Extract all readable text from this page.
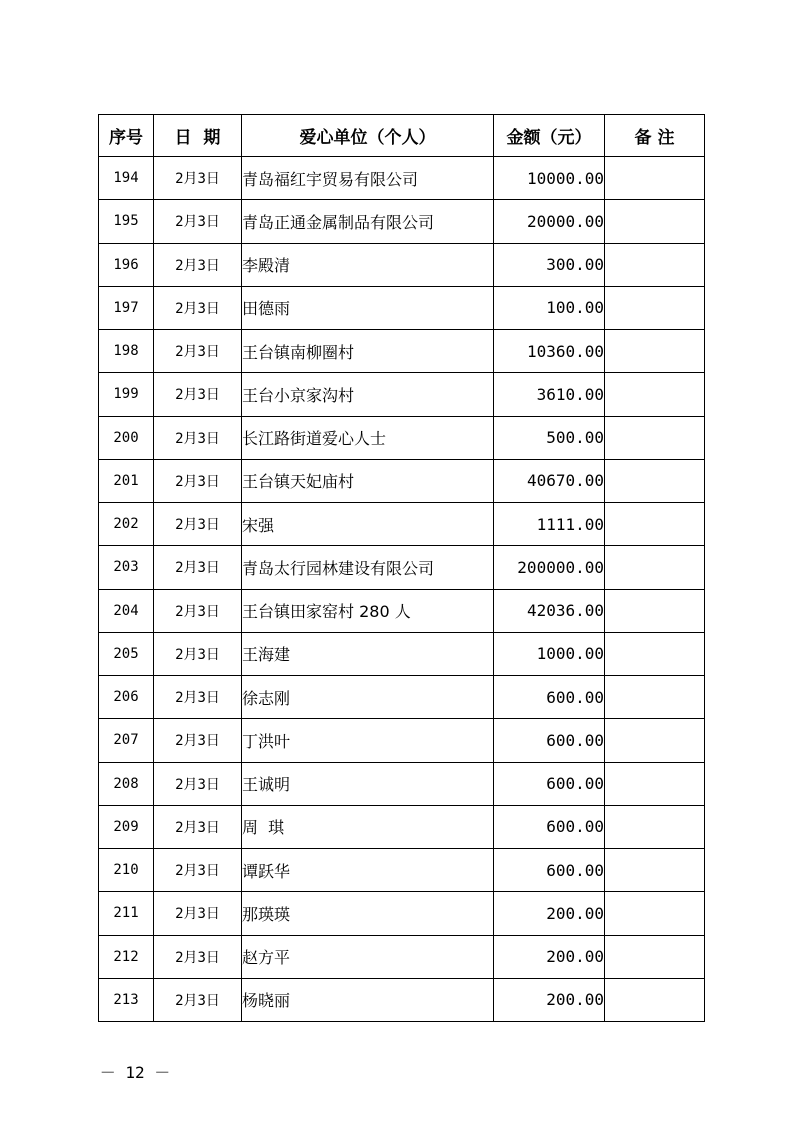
序号	日  期	爱心单位（个人）	金额（元）	备 注
194	2月3日	青岛福红宇贸易有限公司	10000.00	
195	2月3日	青岛正通金属制品有限公司	20000.00	
196	2月3日	李殿清	300.00	
197	2月3日	田德雨	100.00	
198	2月3日	王台镇南柳圈村	10360.00	
199	2月3日	王台小京家沟村	3610.00	
200	2月3日	长江路街道爱心人士	500.00	
201	2月3日	王台镇天妃庙村	40670.00	
202	2月3日	宋强	1111.00	
203	2月3日	青岛太行园林建设有限公司	200000.00	
204	2月3日	王台镇田家窑村 280 人	42036.00	
205	2月3日	王海建	1000.00	
206	2月3日	徐志刚	600.00	
207	2月3日	丁洪叶	600.00	
208	2月3日	王诚明	600.00	
209	2月3日	周  琪	600.00	
210	2月3日	谭跃华	600.00	
211	2月3日	那瑛瑛	200.00	
212	2月3日	赵方平	200.00	
213	2月3日	杨晓丽	200.00	
－ 12 －
